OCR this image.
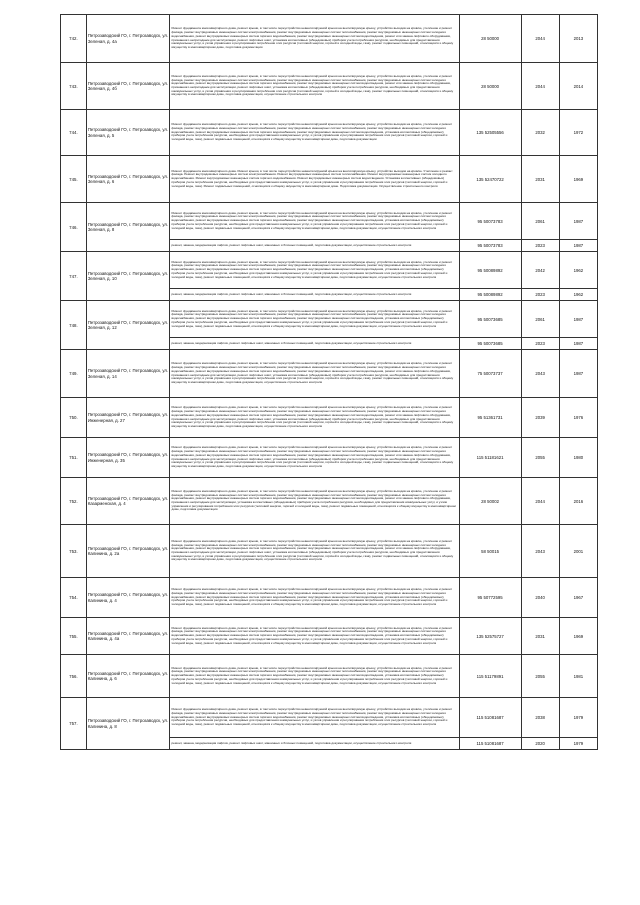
742.	Петрозаводский ГО, г. Петрозаводск, ул. Зеленая, д. 4а	Ремонт фундамента многоквартирного дома, ремонт крыши, в том числе переустройство невентилируемой крыши на вентилируемую крышу, устройство выходов на кровлю, утепление и ремонт фасада, ремонт внутридомовых инженерных систем электроснабжения, ремонт внутридомовых инженерных систем теплоснабжения, ремонт внутридомовых инженерных систем холодного водоснабжения, ремонт внутридомовых инженерных систем горячего водоснабжения, ремонт внутридомовых инженерных систем водоотведения, ремонт или замена лифтового оборудования, признанного непригодным для эксплуатации, ремонт лифтовых шахт, установка коллективных (общедомовых) приборов учета потребления ресурсов, необходимых для предоставления коммунальных услуг, и узлов управления и регулирования потребления этих ресурсов (тепловой энергии, горячей и холодной воды, газа), ремонт подвальных помещений, относящихся к общему имуществу в многоквартирном доме, подготовка документации	28 50000	2044	2013
743.	Петрозаводский ГО, г. Петрозаводск, ул. Зеленая, д. 4б	Ремонт фундамента многоквартирного дома, ремонт крыши, в том числе переустройство невентилируемой крыши на вентилируемую крышу, устройство выходов на кровлю, утепление и ремонт фасада, ремонт внутридомовых инженерных систем электроснабжения, ремонт внутридомовых инженерных систем теплоснабжения, ремонт внутридомовых инженерных систем холодного водоснабжения, ремонт внутридомовых инженерных систем горячего водоснабжения, ремонт внутридомовых инженерных систем водоотведения, ремонт или замена лифтового оборудования, признанного непригодным для эксплуатации, ремонт лифтовых шахт, установка коллективных (общедомовых) приборов учета потребления ресурсов, необходимых для предоставления коммунальных услуг, и узлов управления и регулирования потребления этих ресурсов (тепловой энергии, горячей и холодной воды, газа), ремонт подвальных помещений, относящихся к общему имуществу в многоквартирном доме, подготовка документации, осуществление строительного контроля	28 50000	2044	2014
744.	Петрозаводский ГО, г. Петрозаводск, ул. Зеленая, д. 5	Ремонт фундамента многоквартирного дома, ремонт крыши, в том числе переустройство невентилируемой крыши на вентилируемую крышу, устройство выходов на кровлю, утепление и ремонт фасада, ремонт внутридомовых инженерных систем электроснабжения, ремонт внутридомовых инженерных систем теплоснабжения, ремонт внутридомовых инженерных систем холодного водоснабжения, ремонт внутридомовых инженерных систем горячего водоснабжения, ремонт внутридомовых инженерных систем водоотведения, установка коллективных (общедомовых) приборов учета потребления ресурсов, необходимых для предоставления коммунальных услуг, и узлов управления и регулирования потребления этих ресурсов (тепловой энергии, горячей и холодной воды, газа), ремонт подвальных помещений, относящихся к общему имуществу в многоквартирном доме, подготовка документации	135 52505556	2032	1972
745.	Петрозаводский ГО, г. Петрозаводск, ул. Зеленая, д. 6	Ремонт фундамента многоквартирного дома. Ремонт крыши, в том числе переустройство невентилируемой крыши на вентилируемую крышу, устройство выходов на кровлю. Утепление и ремонт фасада. Ремонт внутридомовых инженерных систем электроснабжения. Ремонт внутридомовых инженерных систем теплоснабжения. Ремонт внутридомовых инженерных систем холодного водоснабжения. Ремонт внутридомовых инженерных систем горячего водоснабжения. Ремонт внутридомовых инженерных систем водоотведения. Установка коллективных (общедомовых) приборов учета потребления ресурсов, необходимых для предоставления коммунальных услуг, и узлов управления и регулирования потребления этих ресурсов (тепловой энергии, горячей и холодной воды, газа). Ремонт подвальных помещений, относящихся к общему имуществу в многоквартирном доме. Подготовка документации. Осуществление строительного контроля	135 52470722	2031	1969
746.	Петрозаводский ГО, г. Петрозаводск, ул. Зеленая, д. 8	Ремонт фундамента многоквартирного дома, ремонт крыши, в том числе переустройство невентилируемой крыши на вентилируемую крышу, устройство выходов на кровлю, утепление и ремонт фасада, ремонт внутридомовых инженерных систем электроснабжения, ремонт внутридомовых инженерных систем теплоснабжения, ремонт внутридомовых инженерных систем холодного водоснабжения, ремонт внутридомовых инженерных систем горячего водоснабжения, ремонт внутридомовых инженерных систем водоотведения, установка коллективных (общедомовых) приборов учета потребления ресурсов, необходимых для предоставления коммунальных услуг, и узлов управления и регулирования потребления этих ресурсов (тепловой энергии, горячей и холодной воды, газа), ремонт подвальных помещений, относящихся к общему имуществу в многоквартирном доме, подготовка документации, осуществление строительного контроля	95 50073783	2061	1987
		ремонт, замена, модернизация лифтов, ремонт лифтовых шахт, машинных и блочных помещений, подготовка документации, осуществление строительного контроля	95 50073783	2023	1987
747.	Петрозаводский ГО, г. Петрозаводск, ул. Зеленая, д. 10	Ремонт фундамента многоквартирного дома, ремонт крыши, в том числе переустройство невентилируемой крыши на вентилируемую крышу, устройство выходов на кровлю, утепление и ремонт фасада, ремонт внутридомовых инженерных систем электроснабжения, ремонт внутридомовых инженерных систем теплоснабжения, ремонт внутридомовых инженерных систем холодного водоснабжения, ремонт внутридомовых инженерных систем горячего водоснабжения, ремонт внутридомовых инженерных систем водоотведения, установка коллективных (общедомовых) приборов учета потребления ресурсов, необходимых для предоставления коммунальных услуг, и узлов управления и регулирования потребления этих ресурсов (тепловой энергии, горячей и холодной воды, газа), ремонт подвальных помещений, относящихся к общему имуществу в многоквартирном доме, подготовка документации, осуществление строительного контроля	95 50089892	2042	1962
		ремонт, замена, модернизация лифтов, ремонт лифтовых шахт, машинных и блочных помещений, подготовка документации, осуществление строительного контроля	95 50089892	2023	1962
748.	Петрозаводский ГО, г. Петрозаводск, ул. Зеленая, д. 12	Ремонт фундамента многоквартирного дома, ремонт крыши, в том числе переустройство невентилируемой крыши на вентилируемую крышу, устройство выходов на кровлю, утепление и ремонт фасада, ремонт внутридомовых инженерных систем электроснабжения, ремонт внутридомовых инженерных систем теплоснабжения, ремонт внутридомовых инженерных систем холодного водоснабжения, ремонт внутридомовых инженерных систем горячего водоснабжения, ремонт внутридомовых инженерных систем водоотведения, установка коллективных (общедомовых) приборов учета потребления ресурсов, необходимых для предоставления коммунальных услуг, и узлов управления и регулирования потребления этих ресурсов (тепловой энергии, горячей и холодной воды, газа), ремонт подвальных помещений, относящихся к общему имуществу в многоквартирном доме, подготовка документации, осуществление строительного контроля	95 50073685	2061	1987
		ремонт, замена, модернизация лифтов, ремонт лифтовых шахт, машинных и блочных помещений, подготовка документации, осуществление строительного контроля	95 50073685	2023	1987
749.	Петрозаводский ГО, г. Петрозаводск, ул. Зеленая, д. 14	Ремонт фундамента многоквартирного дома, ремонт крыши, в том числе переустройство невентилируемой крыши на вентилируемую крышу, устройство выходов на кровлю, утепление и ремонт фасада, ремонт внутридомовых инженерных систем электроснабжения, ремонт внутридомовых инженерных систем теплоснабжения, ремонт внутридомовых инженерных систем холодного водоснабжения, ремонт внутридомовых инженерных систем горячего водоснабжения, ремонт внутридомовых инженерных систем водоотведения, ремонт или замена лифтового оборудования, признанного непригодным для эксплуатации, ремонт лифтовых шахт, установка коллективных (общедомовых) приборов учета потребления ресурсов, необходимых для предоставления коммунальных услуг, и узлов управления и регулирования потребления этих ресурсов (тепловой энергии, горячей и холодной воды, газа), ремонт подвальных помещений, относящихся к общему имуществу в многоквартирном доме, подготовка документации, осуществление строительного контроля	75 50073737	2043	1987
750.	Петрозаводский ГО, г. Петрозаводск, ул. Инженерная, д. 27	Ремонт фундамента многоквартирного дома, ремонт крыши, в том числе переустройство невентилируемой крыши на вентилируемую крышу, устройство выходов на кровлю, утепление и ремонт фасада, ремонт внутридомовых инженерных систем электроснабжения, ремонт внутридомовых инженерных систем теплоснабжения, ремонт внутридомовых инженерных систем холодного водоснабжения, ремонт внутридомовых инженерных систем горячего водоснабжения, ремонт внутридомовых инженерных систем водоотведения, ремонт или замена лифтового оборудования, признанного непригодным для эксплуатации, ремонт лифтовых шахт, установка коллективных (общедомовых) приборов учета потребления ресурсов, необходимых для предоставления коммунальных услуг, и узлов управления и регулирования потребления этих ресурсов (тепловой энергии, горячей и холодной воды, газа), ремонт подвальных помещений, относящихся к общему имуществу в многоквартирном доме, подготовка документации, осуществление строительного контроля	95 51361731	2039	1976
751.	Петрозаводский ГО, г. Петрозаводск, ул. Инженерная, д. 35	Ремонт фундамента многоквартирного дома, ремонт крыши, в том числе переустройство невентилируемой крыши на вентилируемую крышу, устройство выходов на кровлю, утепление и ремонт фасада, ремонт внутридомовых инженерных систем электроснабжения, ремонт внутридомовых инженерных систем теплоснабжения, ремонт внутридомовых инженерных систем холодного водоснабжения, ремонт внутридомовых инженерных систем горячего водоснабжения, ремонт внутридомовых инженерных систем водоотведения, ремонт или замена лифтового оборудования, признанного непригодным для эксплуатации, ремонт лифтовых шахт, установка коллективных (общедомовых) приборов учета потребления ресурсов, необходимых для предоставления коммунальных услуг, и узлов управления и регулирования потребления этих ресурсов (тепловой энергии, горячей и холодной воды, газа), ремонт подвальных помещений, относящихся к общему имуществу в многоквартирном доме, подготовка документации, осуществление строительного контроля	115 51181621	2055	1980
752.	Петрозаводский ГО, г. Петрозаводск, ул. Казарменская, д. 4	Ремонт фундамента многоквартирного дома, ремонт крыши, в том числе переустройство невентилируемой крыши на вентилируемую крышу, устройство выходов на кровлю, утепление и ремонт фасада, ремонт внутридомовых инженерных систем электроснабжения, ремонт внутридомовых инженерных систем теплоснабжения, ремонт внутридомовых инженерных систем холодного водоснабжения, ремонт внутридомовых инженерных систем горячего водоснабжения, ремонт внутридомовых инженерных систем водоотведения, ремонт или замена лифтового оборудования, признанного непригодным для эксплуатации, установка коллективных (общедомовых) приборов учета потребления ресурсов, необходимых для предоставления коммунальных услуг, и узлов управления и регулирования потребления этих ресурсов (тепловой энергии, горячей и холодной воды, газа), ремонт подвальных помещений, относящихся к общему имуществу в многоквартирном доме, подготовка документации	28 50002	2044	2016
753.	Петрозаводский ГО, г. Петрозаводск, ул. Калинина, д. 2а	Ремонт фундамента многоквартирного дома, ремонт крыши, в том числе переустройство невентилируемой крыши на вентилируемую крышу, устройство выходов на кровлю, утепление и ремонт фасада, ремонт внутридомовых инженерных систем электроснабжения, ремонт внутридомовых инженерных систем теплоснабжения, ремонт внутридомовых инженерных систем холодного водоснабжения, ремонт внутридомовых инженерных систем горячего водоснабжения, ремонт внутридомовых инженерных систем водоотведения, ремонт или замена лифтового оборудования, признанного непригодным для эксплуатации, ремонт лифтовых шахт, установка коллективных (общедомовых) приборов учета потребления ресурсов, необходимых для предоставления коммунальных услуг, и узлов управления и регулирования потребления этих ресурсов (тепловой энергии, горячей и холодной воды, газа), ремонт подвальных помещений, относящихся к общему имуществу в многоквартирном доме, подготовка документации, осуществление строительного контроля	58 50015	2043	2001
754.	Петрозаводский ГО, г. Петрозаводск, ул. Калинина, д. 4	Ремонт фундамента многоквартирного дома, ремонт крыши, в том числе переустройство невентилируемой крыши на вентилируемую крышу, устройство выходов на кровлю, утепление и ремонт фасада, ремонт внутридомовых инженерных систем электроснабжения, ремонт внутридомовых инженерных систем теплоснабжения, ремонт внутридомовых инженерных систем холодного водоснабжения, ремонт внутридомовых инженерных систем горячего водоснабжения, ремонт внутридомовых инженерных систем водоотведения, установка коллективных (общедомовых) приборов учета потребления ресурсов, необходимых для предоставления коммунальных услуг, и узлов управления и регулирования потребления этих ресурсов (тепловой энергии, горячей и холодной воды, газа), ремонт подвальных помещений, относящихся к общему имуществу в многоквартирном доме, подготовка документации, осуществление строительного контроля	95 50772595	2040	1967
755.	Петрозаводский ГО, г. Петрозаводск, ул. Калинина, д. 4а	Ремонт фундамента многоквартирного дома, ремонт крыши, в том числе переустройство невентилируемой крыши на вентилируемую крышу, устройство выходов на кровлю, утепление и ремонт фасада, ремонт внутридомовых инженерных систем электроснабжения, ремонт внутридомовых инженерных систем теплоснабжения, ремонт внутридомовых инженерных систем холодного водоснабжения, ремонт внутридомовых инженерных систем горячего водоснабжения, ремонт внутридомовых инженерных систем водоотведения, установка коллективных (общедомовых) приборов учета потребления ресурсов, необходимых для предоставления коммунальных услуг, и узлов управления и регулирования потребления этих ресурсов (тепловой энергии, горячей и холодной воды, газа), ремонт подвальных помещений, относящихся к общему имуществу в многоквартирном доме, подготовка документации, осуществление строительного контроля	135 52575727	2031	1969
756.	Петрозаводский ГО, г. Петрозаводск, ул. Калинина, д. 6	Ремонт фундамента многоквартирного дома, ремонт крыши, в том числе переустройство невентилируемой крыши на вентилируемую крышу, устройство выходов на кровлю, утепление и ремонт фасада, ремонт внутридомовых инженерных систем электроснабжения, ремонт внутридомовых инженерных систем теплоснабжения, ремонт внутридомовых инженерных систем холодного водоснабжения, ремонт внутридомовых инженерных систем горячего водоснабжения, ремонт внутридомовых инженерных систем водоотведения, установка коллективных (общедомовых) приборов учета потребления ресурсов, необходимых для предоставления коммунальных услуг, и узлов управления и регулирования потребления этих ресурсов (тепловой энергии, горячей и холодной воды, газа), ремонт подвальных помещений, относящихся к общему имуществу в многоквартирном доме, подготовка документации, осуществление строительного контроля	115 51179891	2055	1981
757.	Петрозаводский ГО, г. Петрозаводск, ул. Калинина, д. 8	Ремонт фундамента многоквартирного дома, ремонт крыши, в том числе переустройство невентилируемой крыши на вентилируемую крышу, устройство выходов на кровлю, утепление и ремонт фасада, ремонт внутридомовых инженерных систем электроснабжения, ремонт внутридомовых инженерных систем теплоснабжения, ремонт внутридомовых инженерных систем холодного водоснабжения, ремонт внутридомовых инженерных систем горячего водоснабжения, ремонт внутридомовых инженерных систем водоотведения, установка коллективных (общедомовых) приборов учета потребления ресурсов, необходимых для предоставления коммунальных услуг, и узлов управления и регулирования потребления этих ресурсов (тепловой энергии, горячей и холодной воды, газа), ремонт подвальных помещений, относящихся к общему имуществу в многоквартирном доме, подготовка документации, осуществление строительного контроля	115 51081687	2038	1979
		ремонт, замена, модернизация лифтов, ремонт лифтовых шахт, машинных и блочных помещений, подготовка документации, осуществление строительного контроля	115 51081687	2020	1979
